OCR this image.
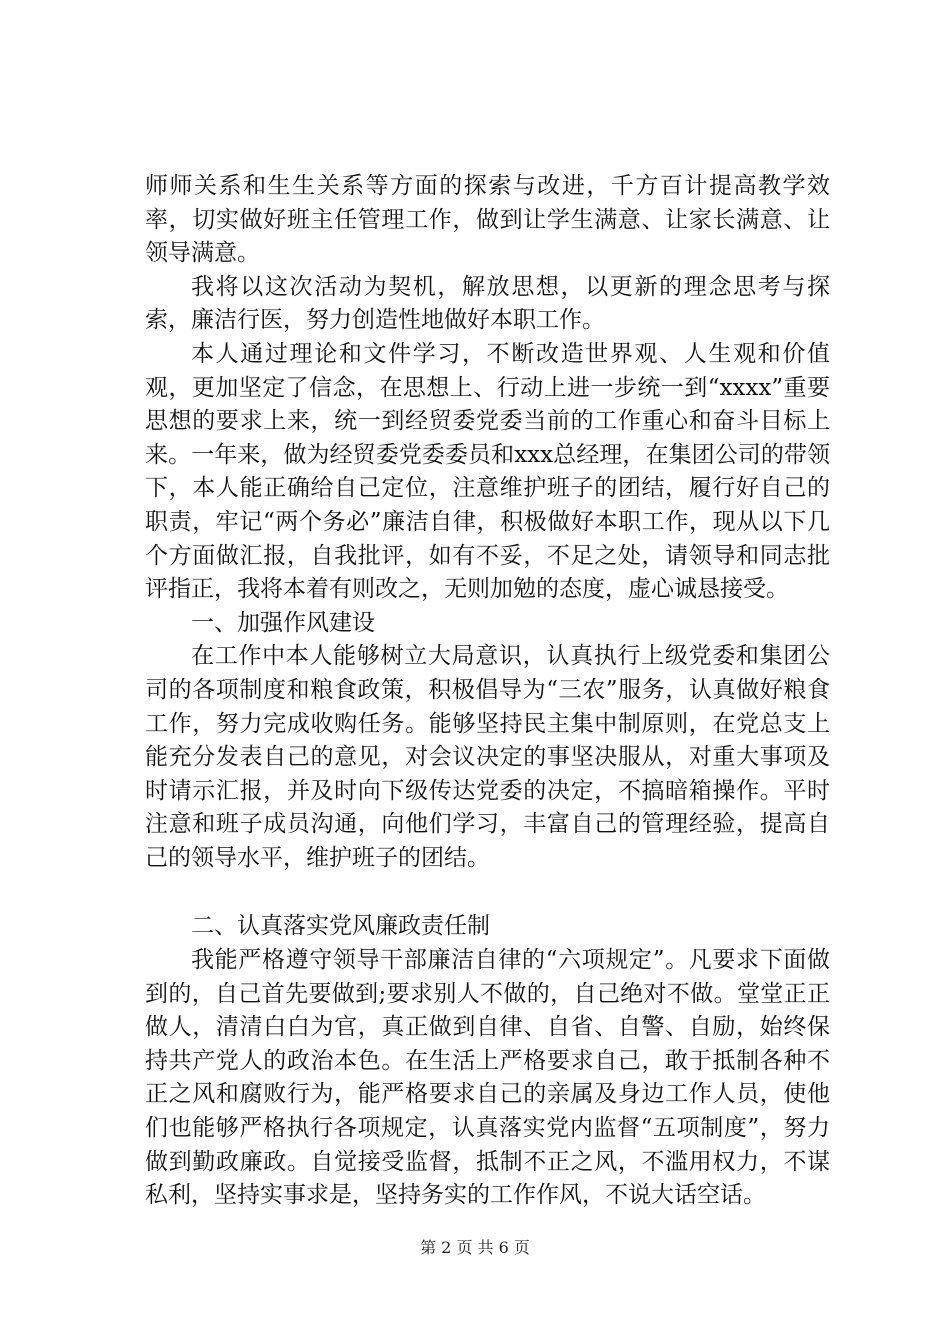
师师关系和生生关系等方面的探索与改进，千方百计提高教学效率，切实做好班主任管理工作，做到让学生满意、让家长满意、让领导满意。

我将以这次活动为契机，解放思想，以更新的理念思考与探索，廉洁行医，努力创造性地做好本职工作。

本人通过理论和文件学习，不断改造世界观、人生观和价值观，更加坚定了信念，在思想上、行动上进一步统一到“xxxx”重要思想的要求上来，统一到经贸委党委当前的工作重心和奋斗目标上来。一年来，做为经贸委党委委员和xxx总经理，在集团公司的带领下，本人能正确给自己定位，注意维护班子的团结，履行好自己的职责，牢记“两个务必”廉洁自律，积极做好本职工作，现从以下几个方面做汇报，自我批评，如有不妥，不足之处，请领导和同志批评指正，我将本着有则改之，无则加勉的态度，虚心诚恳接受。

一、加强作风建设

在工作中本人能够树立大局意识，认真执行上级党委和集团公司的各项制度和粮食政策，积极倡导为“三农”服务，认真做好粮食工作，努力完成收购任务。能够坚持民主集中制原则，在党总支上能充分发表自己的意见，对会议决定的事坚决服从，对重大事项及时请示汇报，并及时向下级传达党委的决定，不搞暗箱操作。平时注意和班子成员沟通，向他们学习，丰富自己的管理经验，提高自己的领导水平，维护班子的团结。

二、认真落实党风廉政责任制

我能严格遵守领导干部廉洁自律的“六项规定”。凡要求下面做到的，自己首先要做到;要求别人不做的，自己绝对不做。堂堂正正做人，清清白白为官，真正做到自律、自省、自警、自励，始终保持共产党人的政治本色。在生活上严格要求自己，敢于抵制各种不正之风和腐败行为，能严格要求自己的亲属及身边工作人员，使他们也能够严格执行各项规定，认真落实党内监督“五项制度”，努力做到勤政廉政。自觉接受监督，抵制不正之风，不滥用权力，不谋私利，坚持实事求是，坚持务实的工作作风，不说大话空话。

第 2 页 共 6 页
